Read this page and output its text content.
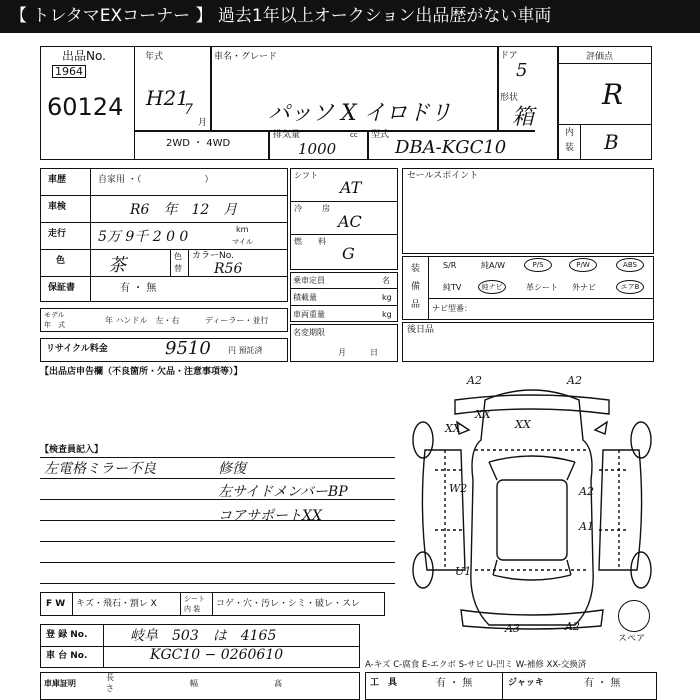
【 トレタマEXコーナー 】 過去1年以上オークション出品歴がない車両
出品No.
1964
60124
年式
H21
7
月
車名・グレード
パッソ X イロドリ
ドア
5
形状
箱
2WD ・ 4WD
排気量	cc
1000
型式
DBA-KGC10
評価点
R
内
装 B
車歴	自家用 ・（　　　　　　　）
車検	R6　年　12　月
走行 5万 9千 2 0 0	km
マイル
色 茶	色
替
カラーNo.
R56
保証書	有 ・ 無
モデル
年　式	年 ハンドル　左・右	ディーラー・並行
リサイクル料金	9510 円 預託済
シフト
AT
冷	房
AC
燃 料
G
乗車定員	名
積載量	kg
車両重量	kg
名変期限
月　　　日
セールスポイント
装
備
品
S/R	純A/W	P/S	P/W	ABS
純TV	純ナビ	革シート 外ナビ	エアB
ナビ型番：
後日品
【出品店申告欄（不良箇所・欠品・注意事項等）】
【検査員記入】
左電格ミラー不良	修復
左サイドメンバーBP
コアサポートXX
A2	A2
XX	XX
XX
W2	A2
A1
U1
A3	A2
スペア
F W キズ・飛石・割レ X	シート
内 装 コゲ・穴・汚レ・シミ・破レ・スレ
登 録 No.	岐阜　503　は　4165
車 台 No.	KGC10 − 0260610
A-キズ C-腐食 E-エクボ S-サビ U-凹ミ W-補修 XX-交換済
車庫証明
長
さ
幅	高	工　具	有 ・ 無	ジャッキ	有 ・ 無
